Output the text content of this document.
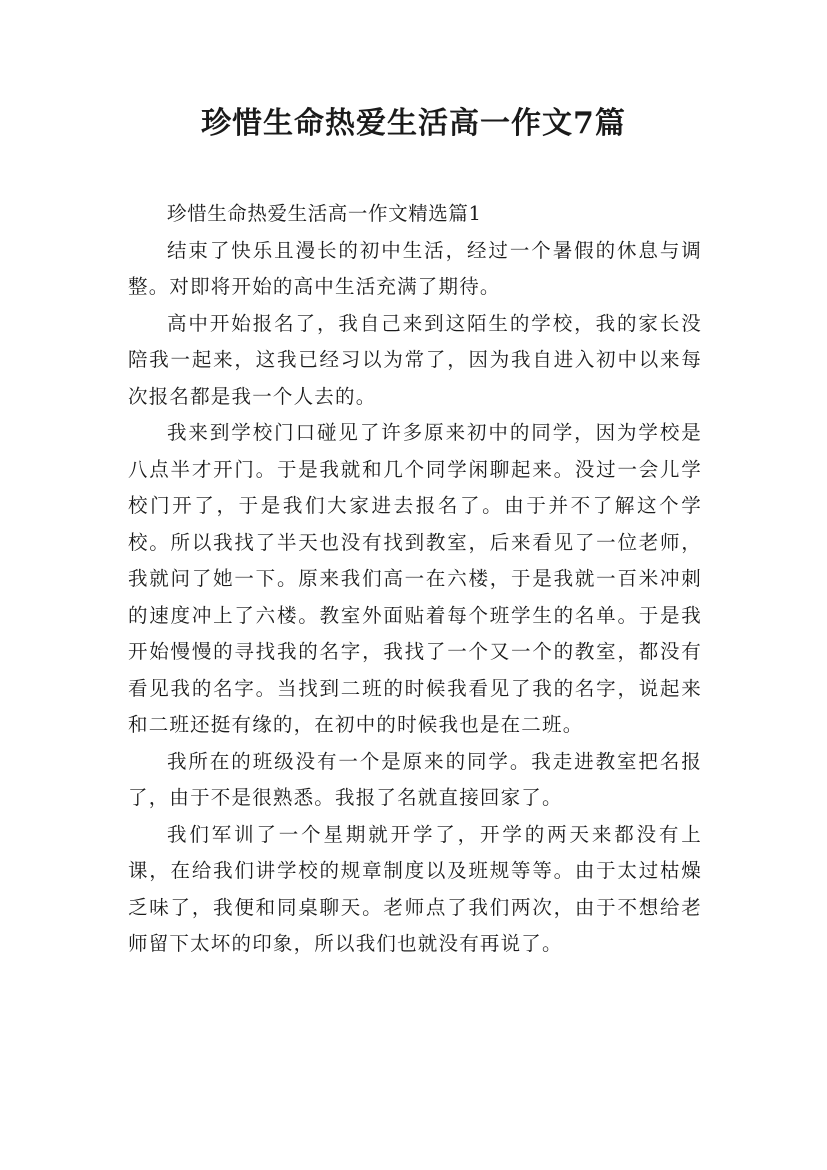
珍惜生命热爱生活高一作文7篇

珍惜生命热爱生活高一作文精选篇1

结束了快乐且漫长的初中生活，经过一个暑假的休息与调整。对即将开始的高中生活充满了期待。

高中开始报名了，我自己来到这陌生的学校，我的家长没陪我一起来，这我已经习以为常了，因为我自进入初中以来每次报名都是我一个人去的。

我来到学校门口碰见了许多原来初中的同学，因为学校是八点半才开门。于是我就和几个同学闲聊起来。没过一会儿学校门开了，于是我们大家进去报名了。由于并不了解这个学校。所以我找了半天也没有找到教室，后来看见了一位老师，我就问了她一下。原来我们高一在六楼，于是我就一百米冲刺的速度冲上了六楼。教室外面贴着每个班学生的名单。于是我开始慢慢的寻找我的名字，我找了一个又一个的教室，都没有看见我的名字。当找到二班的时候我看见了我的名字，说起来和二班还挺有缘的，在初中的时候我也是在二班。

我所在的班级没有一个是原来的同学。我走进教室把名报了，由于不是很熟悉。我报了名就直接回家了。

我们军训了一个星期就开学了，开学的两天来都没有上课，在给我们讲学校的规章制度以及班规等等。由于太过枯燥乏味了，我便和同桌聊天。老师点了我们两次，由于不想给老师留下太坏的印象，所以我们也就没有再说了。
